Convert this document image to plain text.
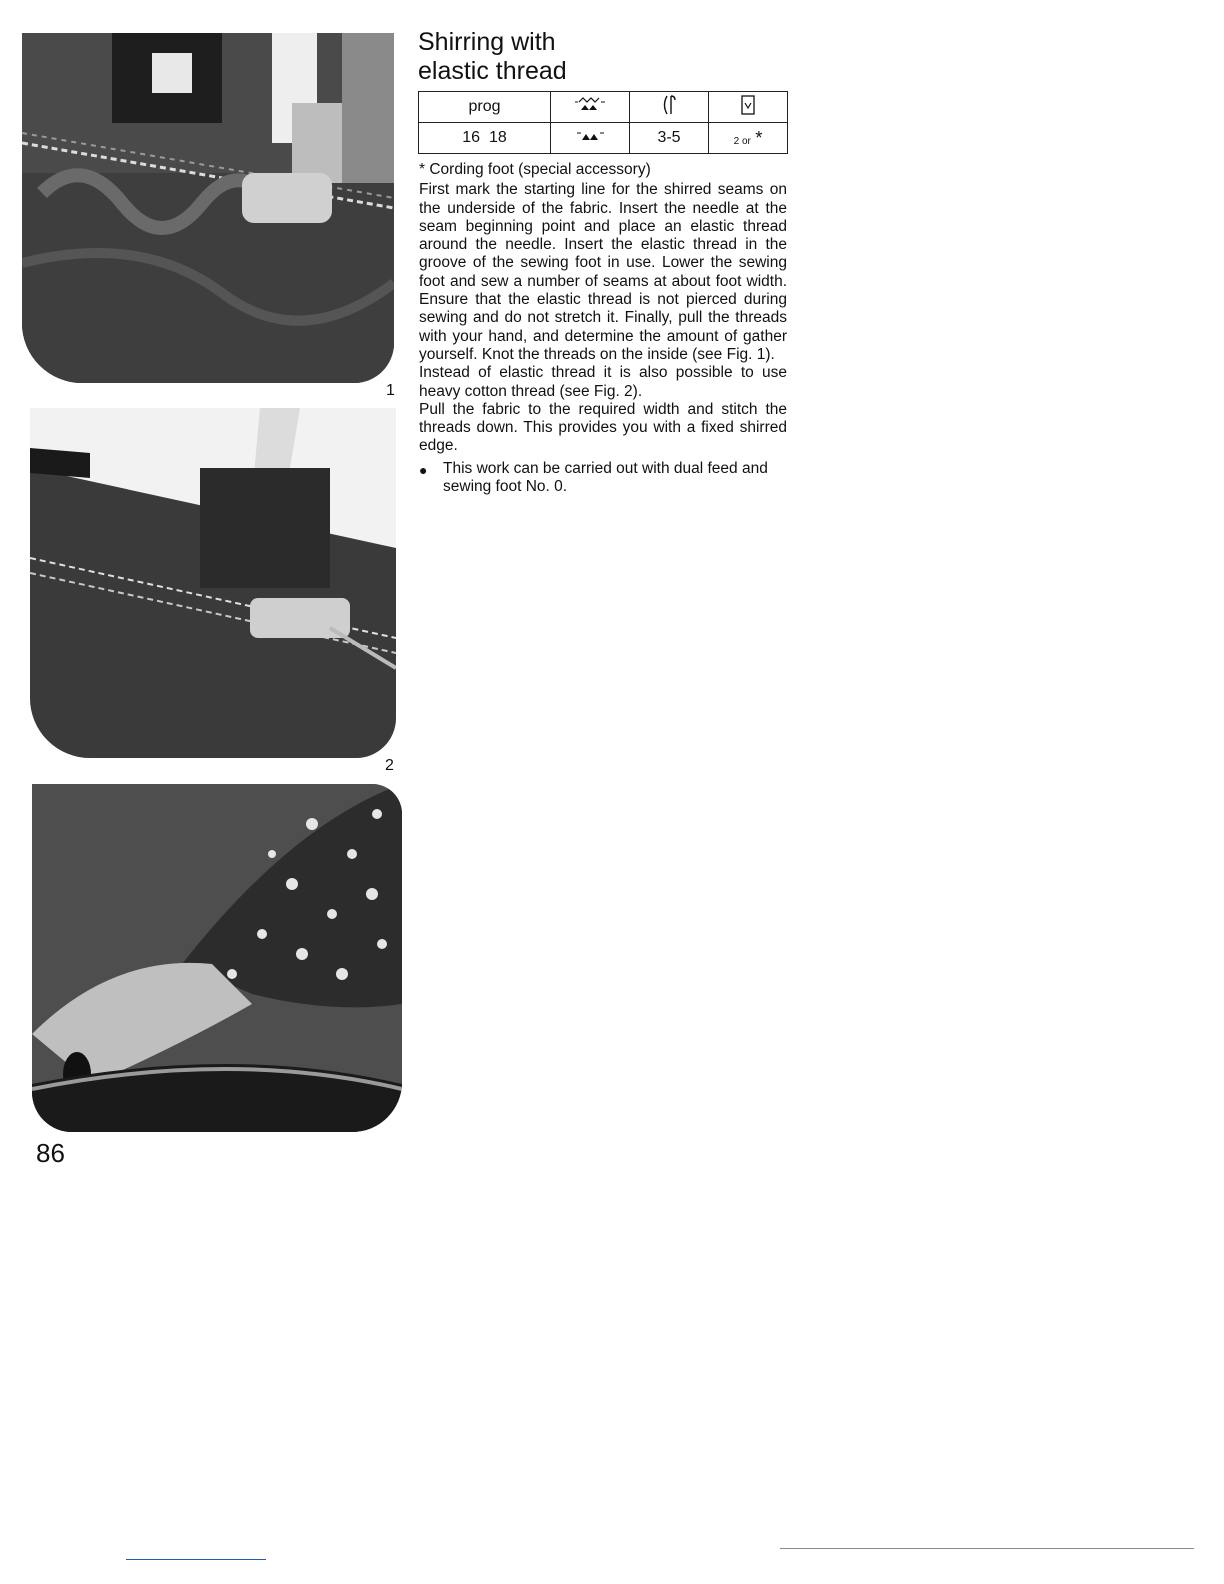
1
2
86
Shirring with
elastic thread
prog			
16  18		3-5	2 or *

* Cording foot (special accessory)

First mark the starting line for the shirred seams on the underside of the fabric. Insert the needle at the seam beginning point and place an elastic thread around the needle. Insert the elastic thread in the groove of the sewing foot in use. Lower the sewing foot and sew a number of seams at about foot width. Ensure that the elastic thread is not pierced during sewing and do not stretch it. Finally, pull the threads with your hand, and determine the amount of gather yourself. Knot the threads on the inside (see Fig. 1).

Instead of elastic thread it is also possible to use heavy cotton thread (see Fig. 2).

Pull the fabric to the required width and stitch the threads down. This provides you with a fixed shirred edge.

●	This work can be carried out with dual feed and sewing foot No. 0.
